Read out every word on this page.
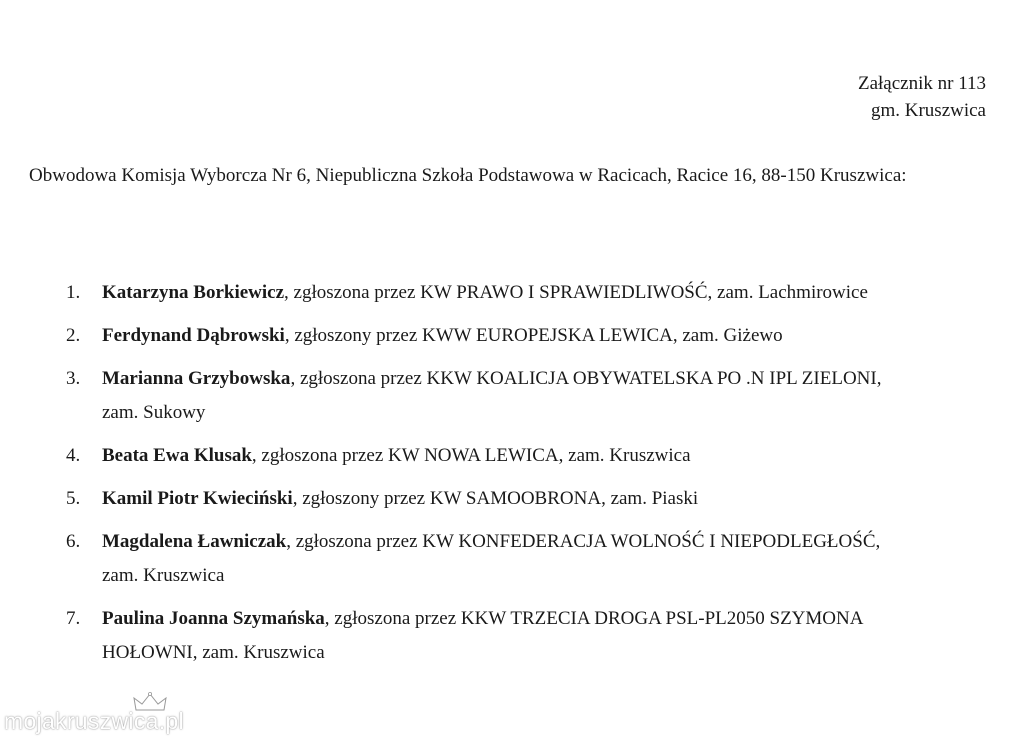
Załącznik nr 113
gm. Kruszwica
Obwodowa Komisja Wyborcza Nr 6, Niepubliczna Szkoła Podstawowa w Racicach, Racice 16, 88-150 Kruszwica:
1. Katarzyna Borkiewicz, zgłoszona przez KW PRAWO I SPRAWIEDLIWOŚĆ, zam. Lachmirowice
2. Ferdynand Dąbrowski, zgłoszony przez KWW EUROPEJSKA LEWICA, zam. Giżewo
3. Marianna Grzybowska, zgłoszona przez KKW KOALICJA OBYWATELSKA PO .N IPL ZIELONI, zam. Sukowy
4. Beata Ewa Klusak, zgłoszona przez KW NOWA LEWICA, zam. Kruszwica
5. Kamil Piotr Kwieciński, zgłoszony przez KW SAMOOBRONA, zam. Piaski
6. Magdalena Ławniczak, zgłoszona przez KW KONFEDERACJA WOLNOŚĆ I NIEPODLEGŁOŚĆ, zam. Kruszwica
7. Paulina Joanna Szymańska, zgłoszona przez KKW TRZECIA DROGA PSL-PL2050 SZYMONA HOŁOWNI, zam. Kruszwica
mojakruszwica.pl
